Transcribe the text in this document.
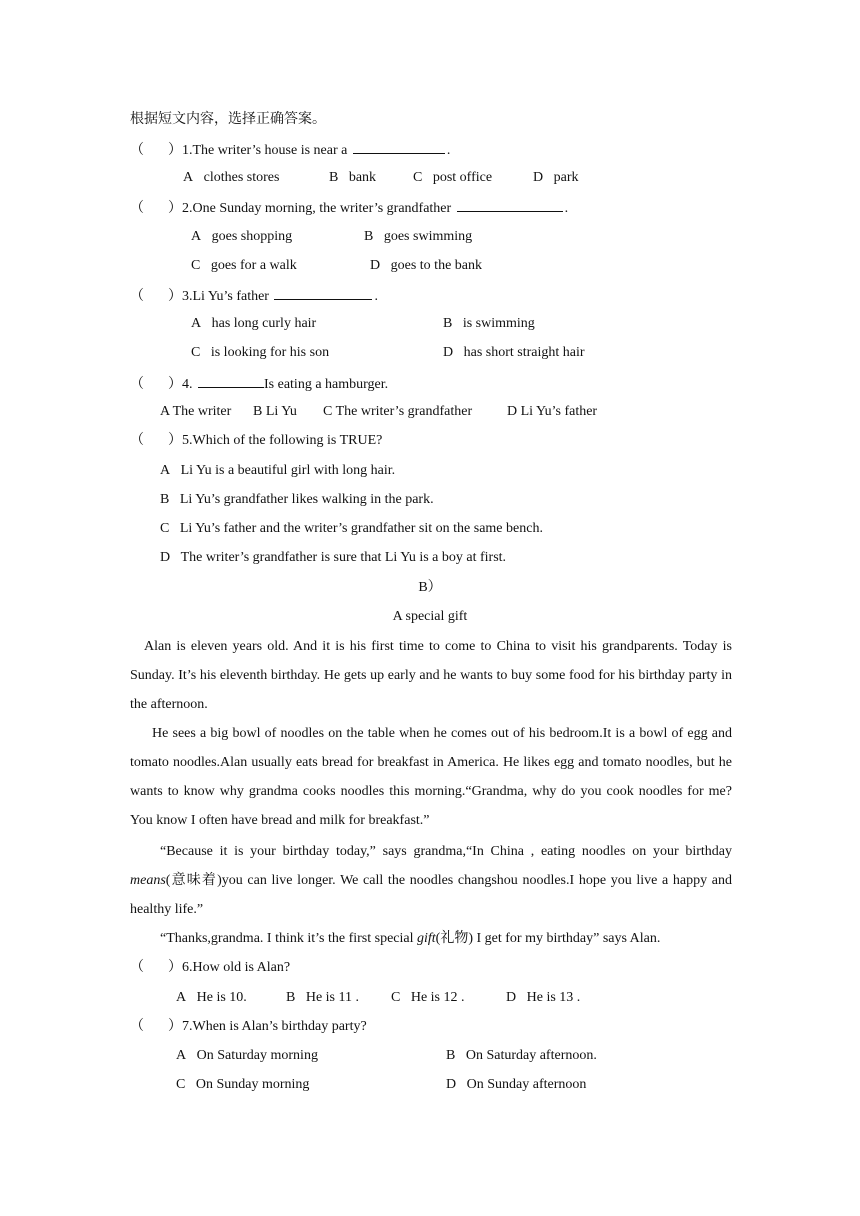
根据短文内容，选择正确答案。
（ ）1.The writer’s house is near a	.
A clothes stores	B bank	C post office	D park
（ ）2.One Sunday morning, the writer’s grandfather	.
A goes shopping	B goes swimming
C goes for a walk	D goes to the bank
（ ）3.Li Yu’s father	.
A has long curly hair	B is swimming
C is looking for his son	D has short straight hair
（ ）4.	Is eating a hamburger.
A The writer B Li Yu C The writer’s grandfather D Li Yu’s father
（ ）5.Which of the following is TRUE?
A Li Yu is a beautiful girl with long hair.
B Li Yu’s grandfather likes walking in the park.
C Li Yu’s father and the writer’s grandfather sit on the same bench.
D The writer’s grandfather is sure that Li Yu is a boy at first.
B）
A special gift
Alan is eleven years old. And it is his first time to come to China to visit his grandparents. Today is Sunday. It’s his eleventh birthday. He gets up early and he wants to buy some food for his birthday party in the afternoon.
He sees a big bowl of noodles on the table when he comes out of his bedroom.It is a bowl of egg and tomato noodles.Alan usually eats bread for breakfast in America. He likes egg and tomato noodles, but he wants to know why grandma cooks noodles this morning.“Grandma, why do you cook noodles for me? You know I often have bread and milk for breakfast.”
“Because it is your birthday today,” says grandma,“In China , eating noodles on your birthday means(意味着)you can live longer. We call the noodles changshou noodles.I hope you live a happy and healthy life.”
“Thanks,grandma. I think it’s the first special gift(礼物) I get for my birthday” says Alan.
（ ）6.How old is Alan?
A He is 10.	B He is 11 . C He is 12 .	D He is 13 .
（ ）7.When is Alan’s birthday party?
A On Saturday morning	B On Saturday afternoon.
C On Sunday morning	D On Sunday afternoon
